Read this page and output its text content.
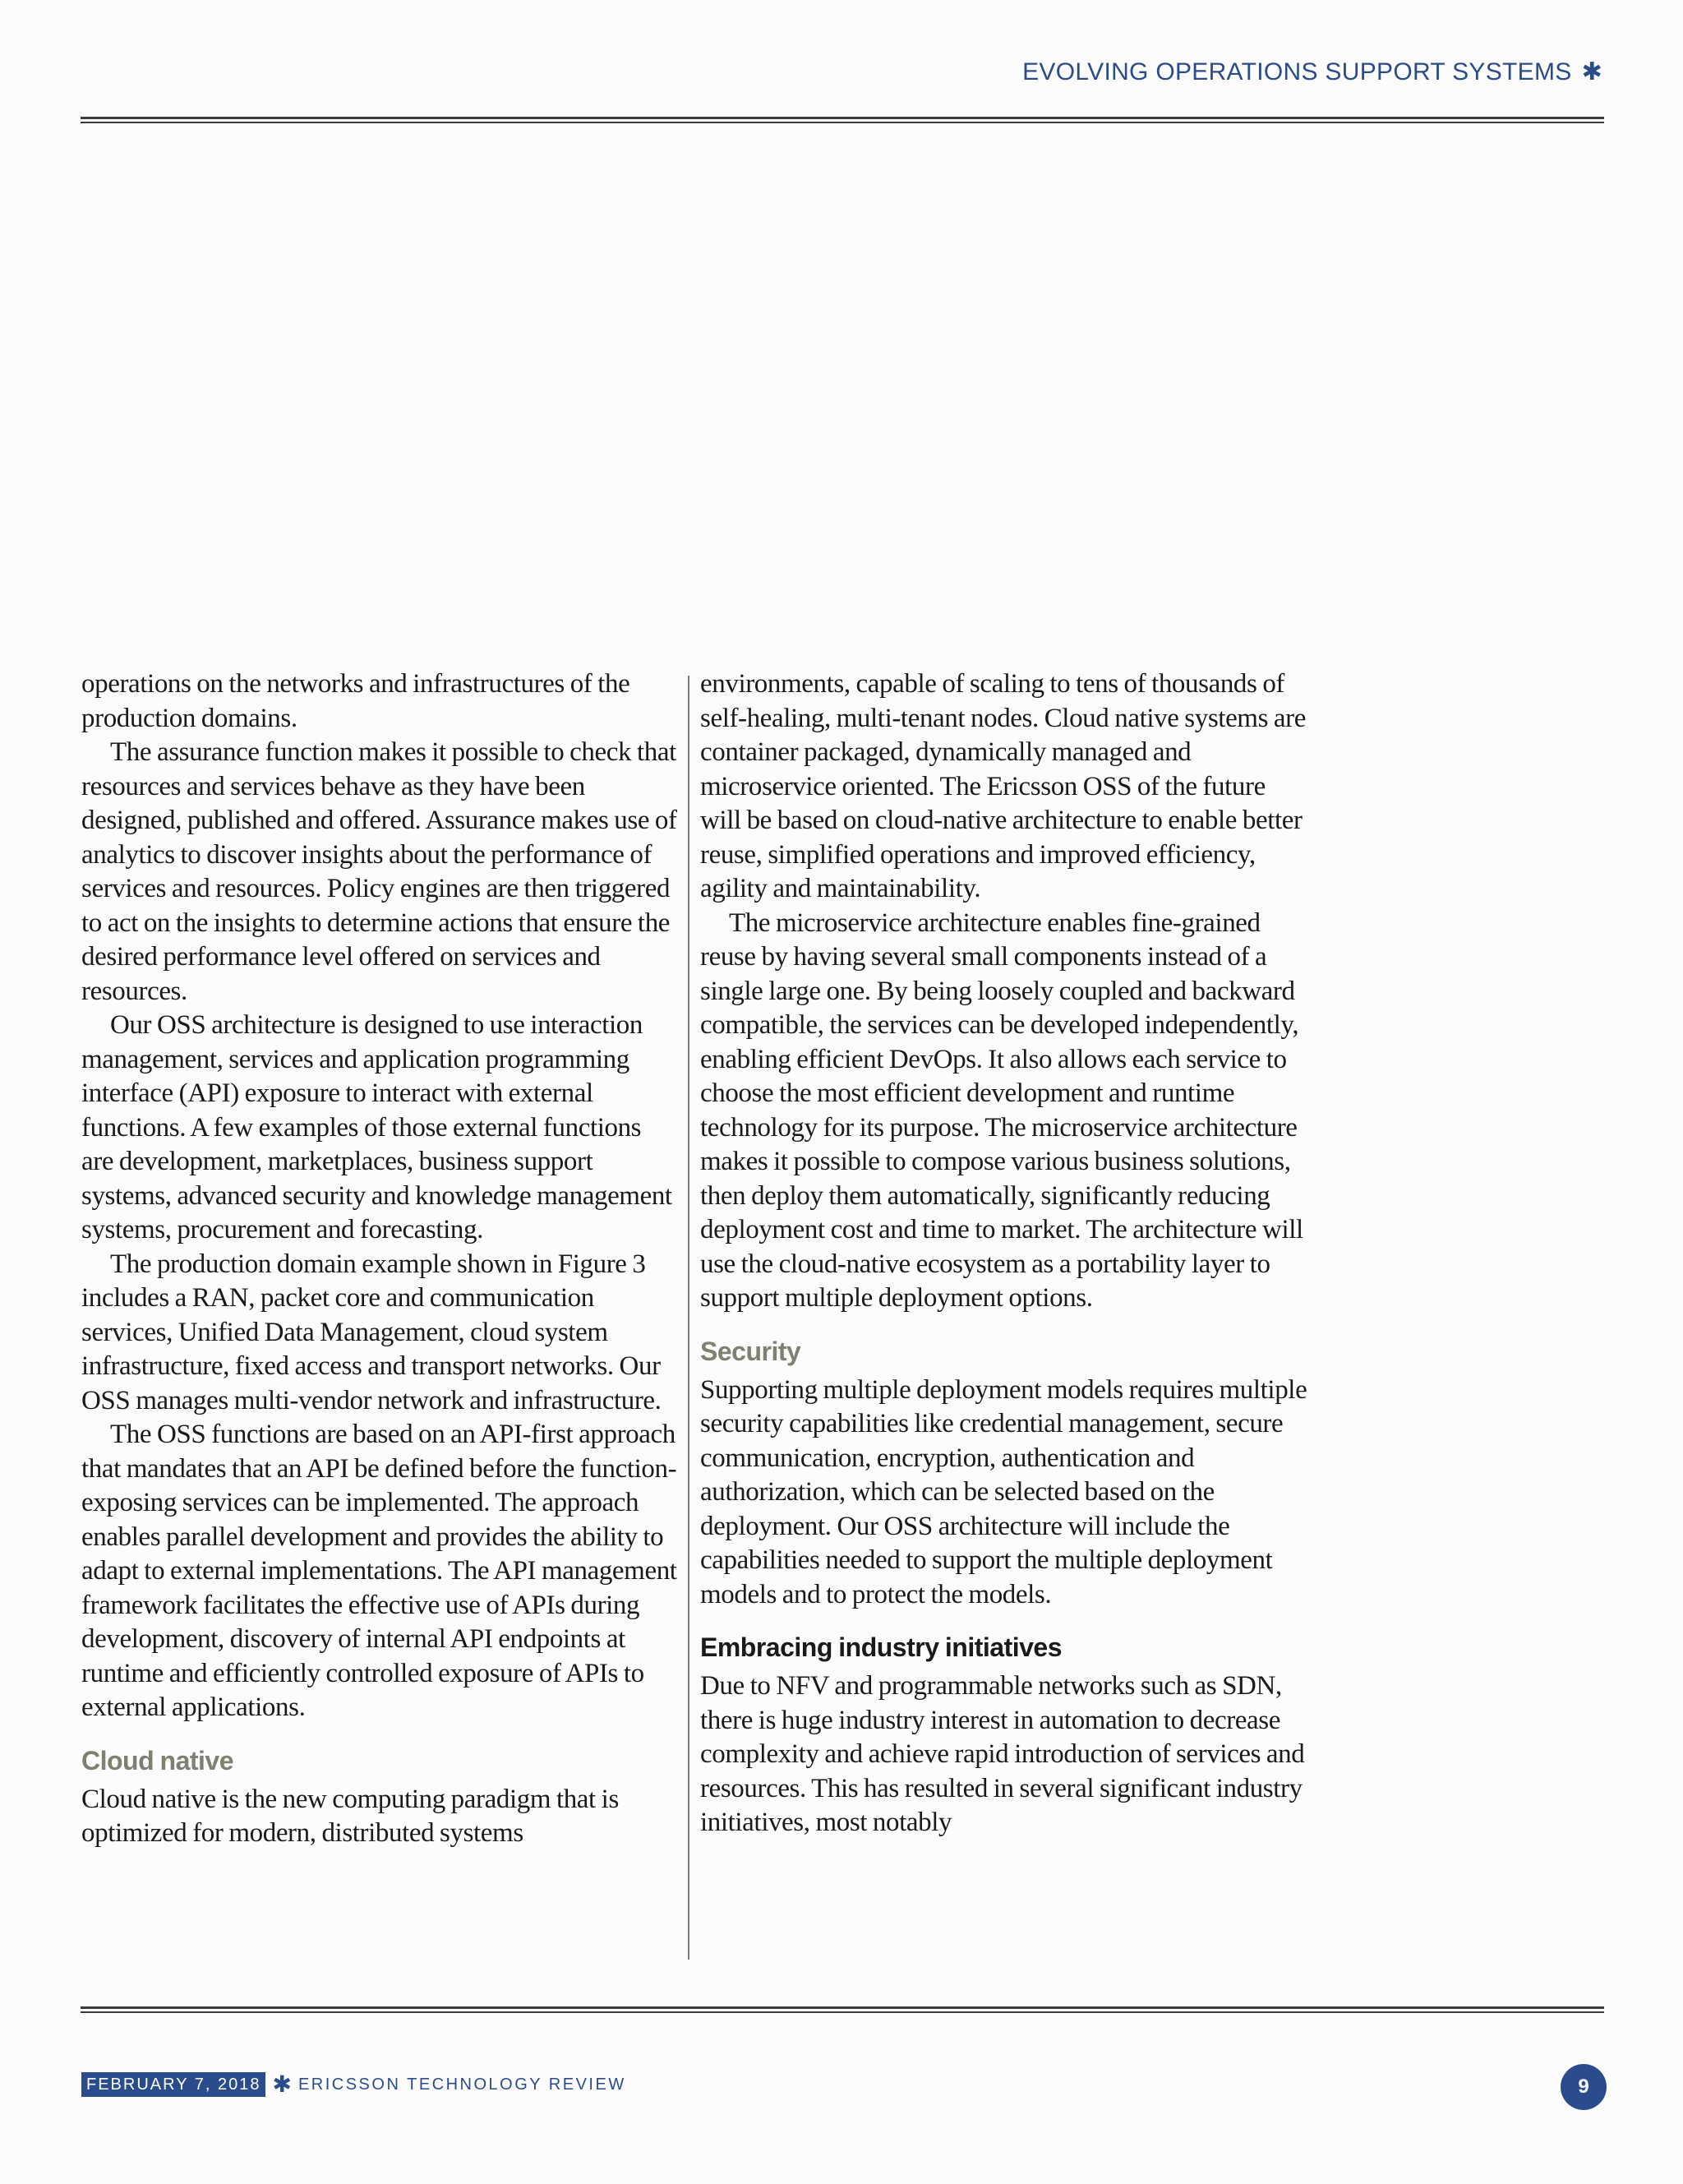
EVOLVING OPERATIONS SUPPORT SYSTEMS ✱

operations on the networks and infrastructures of the production domains.

The assurance function makes it possible to check that resources and services behave as they have been designed, published and offered. Assurance makes use of analytics to discover insights about the performance of services and resources. Policy engines are then triggered to act on the insights to determine actions that ensure the desired performance level offered on services and resources.

Our OSS architecture is designed to use interaction management, services and application programming interface (API) exposure to interact with external functions. A few examples of those external functions are development, marketplaces, business support systems, advanced security and knowledge management systems, procurement and forecasting.

The production domain example shown in Figure 3 includes a RAN, packet core and communication services, Unified Data Management, cloud system infrastructure, fixed access and transport networks. Our OSS manages multi-vendor network and infrastructure.

The OSS functions are based on an API-first approach that mandates that an API be defined before the function-exposing services can be implemented. The approach enables parallel development and provides the ability to adapt to external implementations. The API management framework facilitates the effective use of APIs during development, discovery of internal API endpoints at runtime and efficiently controlled exposure of APIs to external applications.

Cloud native

Cloud native is the new computing paradigm that is optimized for modern, distributed systems

environments, capable of scaling to tens of thousands of self-healing, multi-tenant nodes. Cloud native systems are container packaged, dynamically managed and microservice oriented. The Ericsson OSS of the future will be based on cloud-native architecture to enable better reuse, simplified operations and improved efficiency, agility and maintainability.

The microservice architecture enables fine-grained reuse by having several small components instead of a single large one. By being loosely coupled and backward compatible, the services can be developed independently, enabling efficient DevOps. It also allows each service to choose the most efficient development and runtime technology for its purpose. The microservice architecture makes it possible to compose various business solutions, then deploy them automatically, significantly reducing deployment cost and time to market. The architecture will use the cloud-native ecosystem as a portability layer to support multiple deployment options.

Security

Supporting multiple deployment models requires multiple security capabilities like credential management, secure communication, encryption, authentication and authorization, which can be selected based on the deployment. Our OSS architecture will include the capabilities needed to support the multiple deployment models and to protect the models.

Embracing industry initiatives

Due to NFV and programmable networks such as SDN, there is huge industry interest in automation to decrease complexity and achieve rapid introduction of services and resources. This has resulted in several significant industry initiatives, most notably

FEBRUARY 7, 2018 ✱ ERICSSON TECHNOLOGY REVIEW	9
